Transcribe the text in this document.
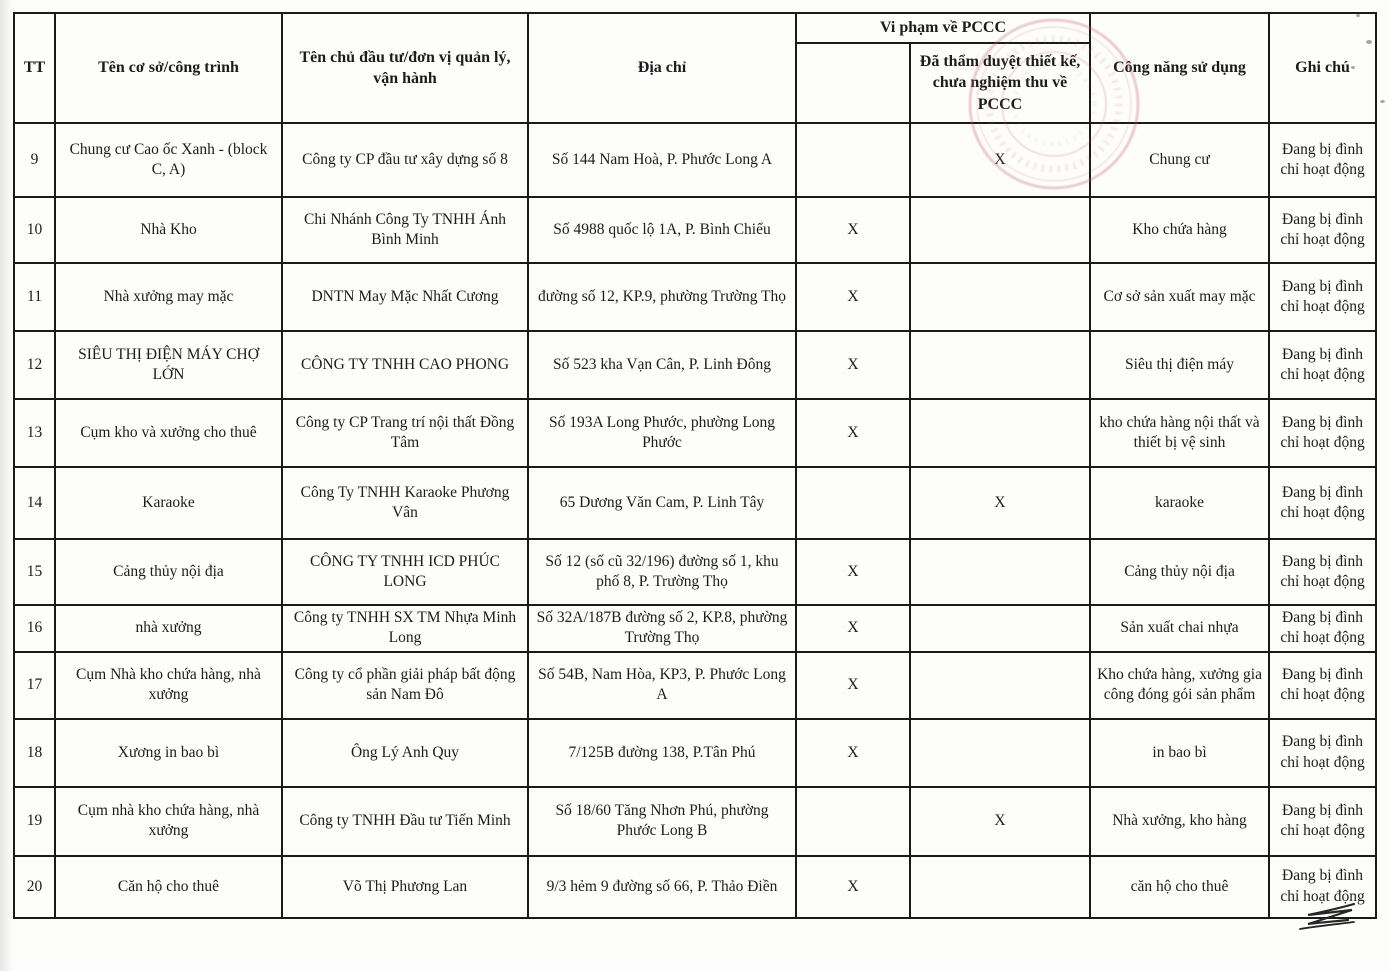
TT	Tên cơ sở/công trình	Tên chủ đầu tư/đơn vị quản lý, vận hành	Địa chỉ	Vi phạm về PCCC		Công năng sử dụng	Ghi chú
					Đã thẩm duyệt thiết kế, chưa nghiệm thu về PCCC		
9	Chung cư Cao ốc Xanh - (block C, A)	Công ty CP đầu tư xây dựng số 8	Số 144 Nam Hoà, P. Phước Long A		X	Chung cư	Đang bị đình chỉ hoạt động
10	Nhà Kho	Chi Nhánh Công Ty TNHH Ánh Bình Minh	Số 4988 quốc lộ 1A, P. Bình Chiểu	X		Kho chứa hàng	Đang bị đình chỉ hoạt động
11	Nhà xưởng may mặc	DNTN May Mặc Nhất Cương	đường số 12, KP.9, phường Trường Thọ	X		Cơ sở sản xuất may mặc	Đang bị đình chỉ hoạt động
12	SIÊU THỊ ĐIỆN MÁY CHỢ LỚN	CÔNG TY TNHH CAO PHONG	Số 523 kha Vạn Cân, P. Linh Đông	X		Siêu thị điện máy	Đang bị đình chỉ hoạt động
13	Cụm kho và xưởng cho thuê	Công ty CP Trang trí nội thất Đồng Tâm	Số 193A Long Phước, phường Long Phước	X		kho chứa hàng nội thất và thiết bị vệ sinh	Đang bị đình chỉ hoạt động
14	Karaoke	Công Ty TNHH Karaoke Phương Vân	65 Dương Văn Cam, P. Linh Tây		X	karaoke	Đang bị đình chỉ hoạt động
15	Cảng thủy nội địa	CÔNG TY TNHH ICD PHÚC LONG	Số 12 (số cũ 32/196) đường số 1, khu phố 8, P. Trường Thọ	X		Cảng thủy nội địa	Đang bị đình chỉ hoạt động
16	nhà xưởng	Công ty TNHH SX TM Nhựa Minh Long	Số 32A/187B đường số 2, KP.8, phường Trường Thọ	X		Sản xuất chai nhựa	Đang bị đình chỉ hoạt động
17	Cụm Nhà kho chứa hàng, nhà xưởng	Công ty cổ phần giải pháp bất động sản Nam Đô	Số 54B, Nam Hòa, KP3, P. Phước Long A	X		Kho chứa hàng, xưởng gia công đóng gói sản phẩm	Đang bị đình chỉ hoạt động
18	Xương in bao bì	Ông Lý Anh Quy	7/125B đường 138, P.Tân Phú	X		in bao bì	Đang bị đình chỉ hoạt động
19	Cụm nhà kho chứa hàng, nhà xưởng	Công ty TNHH Đầu tư Tiến Minh	Số 18/60 Tăng Nhơn Phú, phường Phước Long B		X	Nhà xưởng, kho hàng	Đang bị đình chỉ hoạt động
20	Căn hộ cho thuê	Võ Thị Phương Lan	9/3 hẻm 9 đường số 66, P. Thảo Điền	X		căn hộ cho thuê	Đang bị đình chỉ hoạt động
